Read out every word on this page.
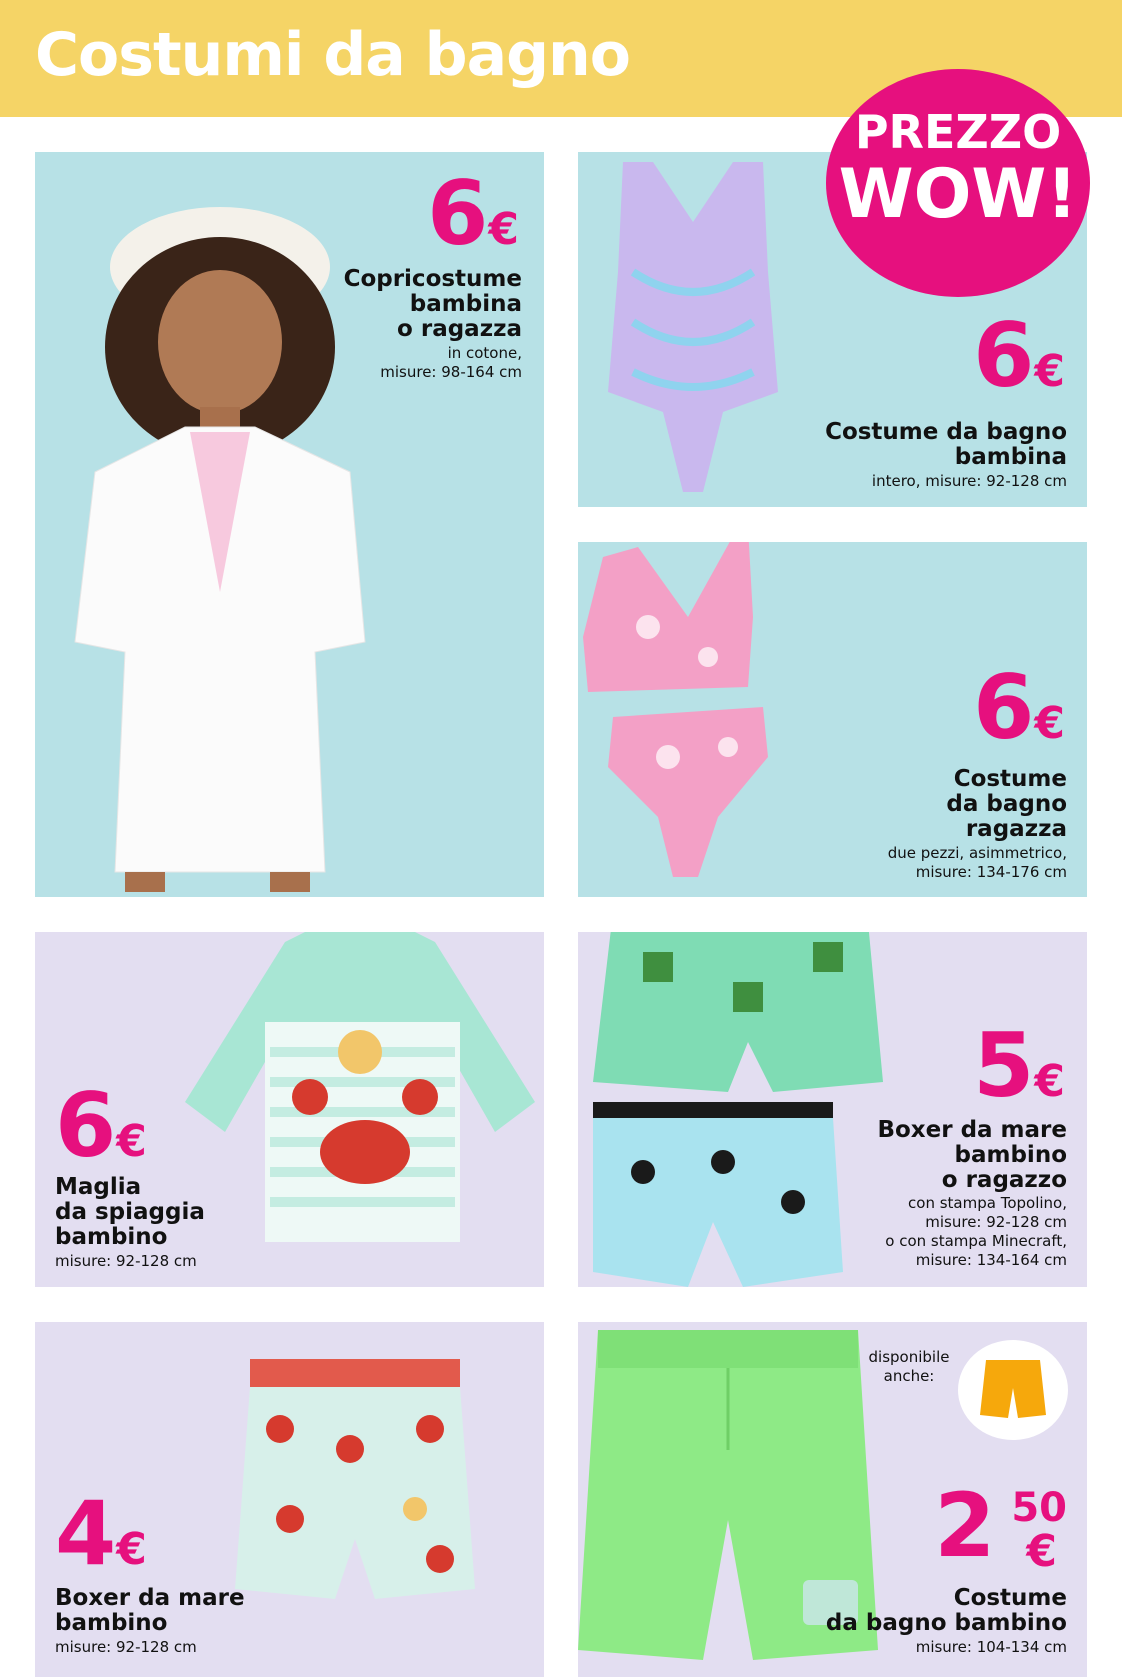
Costumi da bagno
6€
Copricostume
bambina
o ragazza
in cotone,
misure: 98-164 cm	6€
Costume da bagno
bambina
intero, misure: 92-128 cm
PREZZO
WOW!
6€
Costume
da bagno
ragazza
due pezzi, asimmetrico,
misure: 134-176 cm
6€
Maglia
da spiaggia
bambino
misure: 92-128 cm
5€
Boxer da mare
bambino
o ragazzo
con stampa Topolino,
misure: 92-128 cm
o con stampa Minecraft,
misure: 134-164 cm
4€
Boxer da mare
bambino
misure: 92-128 cm
disponibile
anche:
2 50
€
Costume
da bagno bambino
misure: 104-134 cm
